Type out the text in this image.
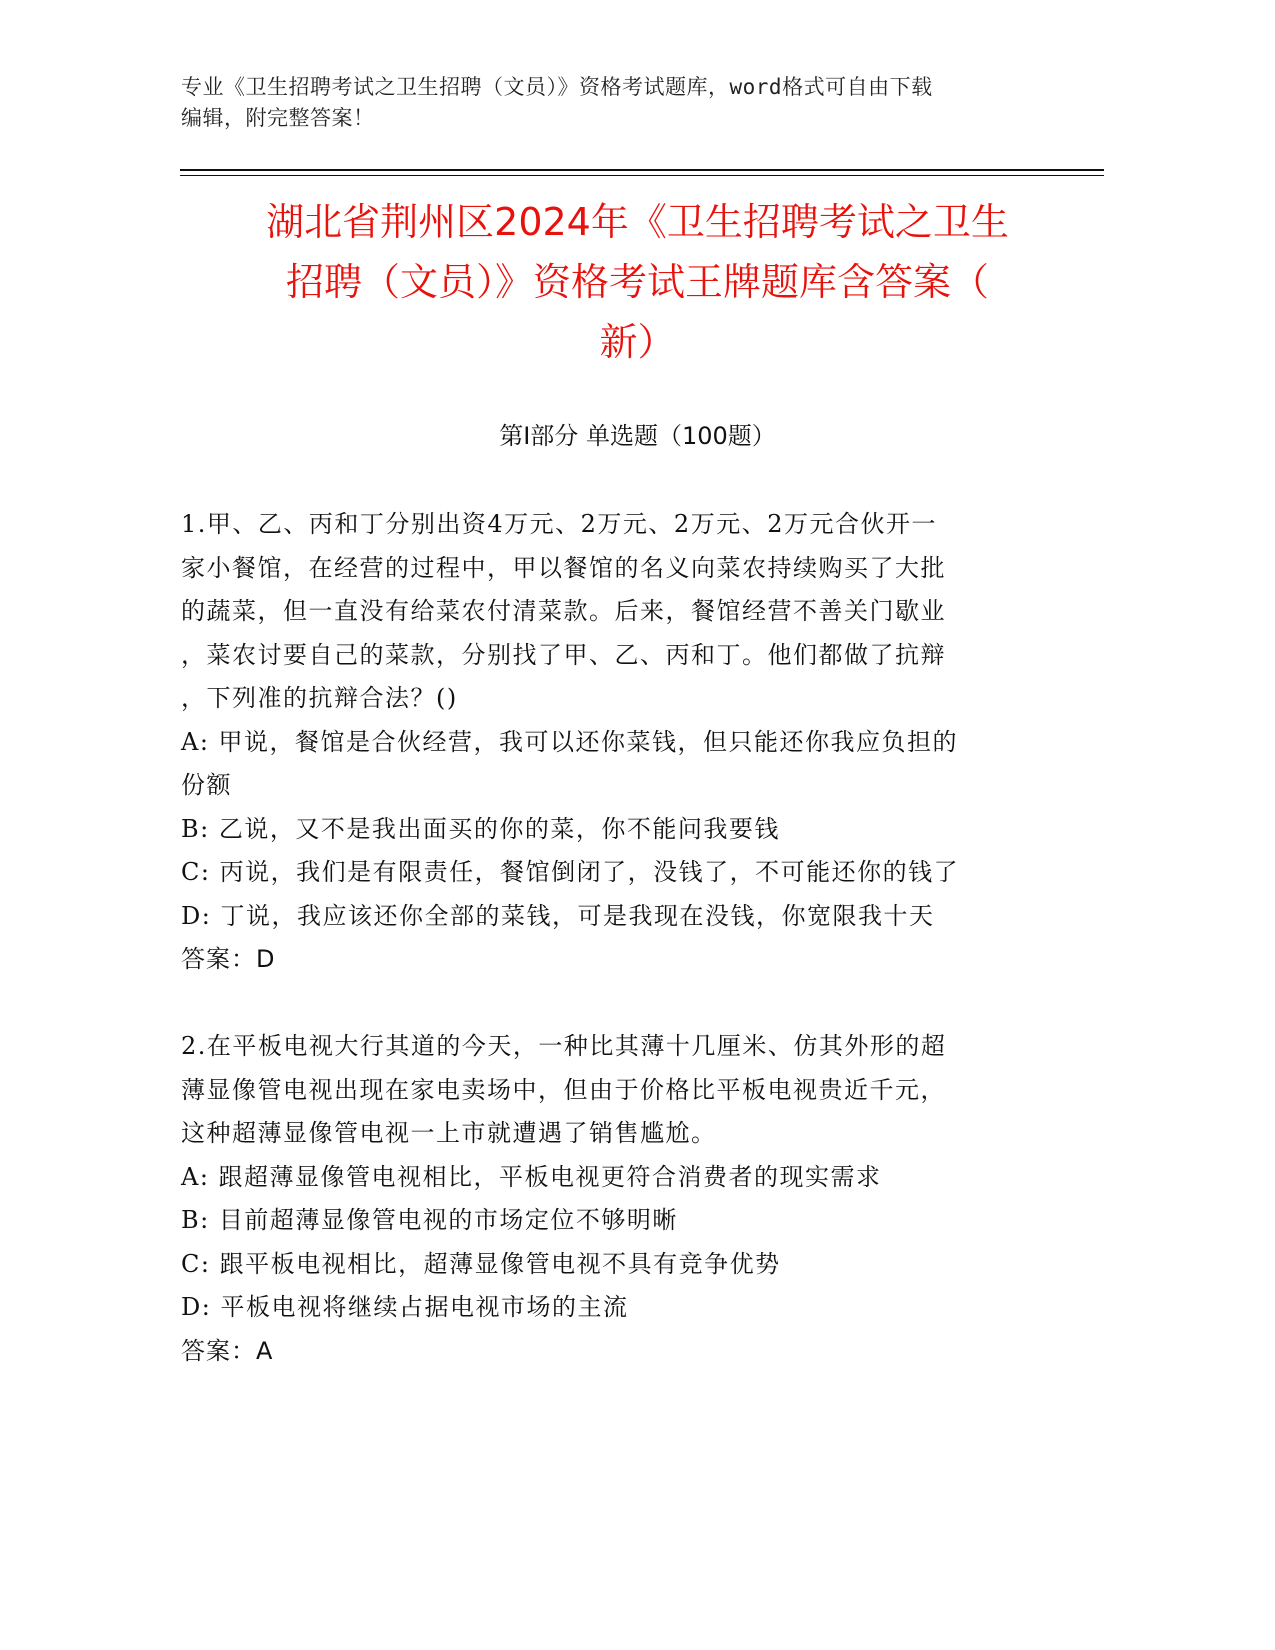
专业《卫生招聘考试之卫生招聘（文员）》资格考试题库，word格式可自由下载
编辑，附完整答案！
湖北省荆州区2024年《卫生招聘考试之卫生
招聘（文员）》资格考试王牌题库含答案（
新）
第Ⅰ部分 单选题（100题）

1.甲、乙、丙和丁分别出资4万元、2万元、2万元、2万元合伙开一

家小餐馆，在经营的过程中，甲以餐馆的名义向菜农持续购买了大批

的蔬菜，但一直没有给菜农付清菜款。后来，餐馆经营不善关门歇业

，菜农讨要自己的菜款，分别找了甲、乙、丙和丁。他们都做了抗辩

，下列准的抗辩合法？()

A: 甲说，餐馆是合伙经营，我可以还你菜钱，但只能还你我应负担的

份额

B: 乙说，又不是我出面买的你的菜，你不能问我要钱

C: 丙说，我们是有限责任，餐馆倒闭了，没钱了，不可能还你的钱了

D: 丁说，我应该还你全部的菜钱，可是我现在没钱，你宽限我十天

答案：D

2.在平板电视大行其道的今天，一种比其薄十几厘米、仿其外形的超

薄显像管电视出现在家电卖场中，但由于价格比平板电视贵近千元，

这种超薄显像管电视一上市就遭遇了销售尴尬。

A: 跟超薄显像管电视相比，平板电视更符合消费者的现实需求

B: 目前超薄显像管电视的市场定位不够明晰

C: 跟平板电视相比，超薄显像管电视不具有竞争优势

D: 平板电视将继续占据电视市场的主流

答案：A
